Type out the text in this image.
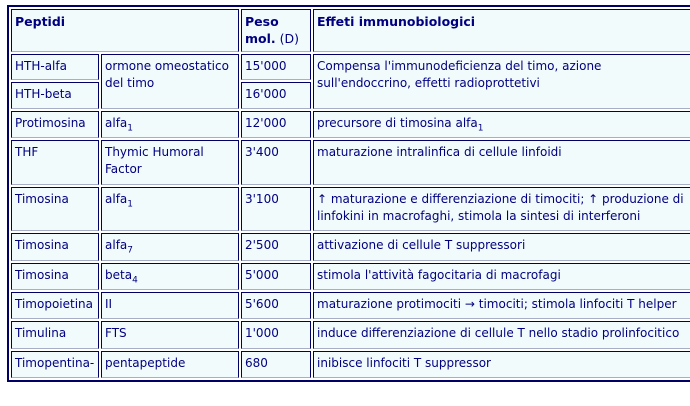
Peptidi		Peso mol. (D)	Effeti immunobiologici
HTH-alfa	ormone omeostatico del timo	15'000	Compensa l'immunodeficienza del timo, azione sull'endoccrino, effetti radioprottetivi
HTH-beta		16'000	
Protimosina	alfa$_1$	12'000	precursore di timosina alfa$_1$
THF	Thymic Humoral Factor	3'400	maturazione intralinfica di cellule linfoidi
Timosina	alfa$_1$	3'100	↑ maturazione e differenziazione di timociti; ↑ produzione di linfokini in macrofaghi, stimola la sintesi di interferoni
Timosina	alfa$_7$	2'500	attivazione di cellule T suppressori
Timosina	beta$_4$	5'000	stimola l'attività fagocitaria di macrofagi
Timopoietina	II	5'600	maturazione protimociti → timociti; stimola linfociti T helper
Timulina	FTS	1'000	induce differenziazione di cellule T nello stadio prolinfocitico
Timopentina-	pentapeptide	680	inibisce linfociti T suppressor
